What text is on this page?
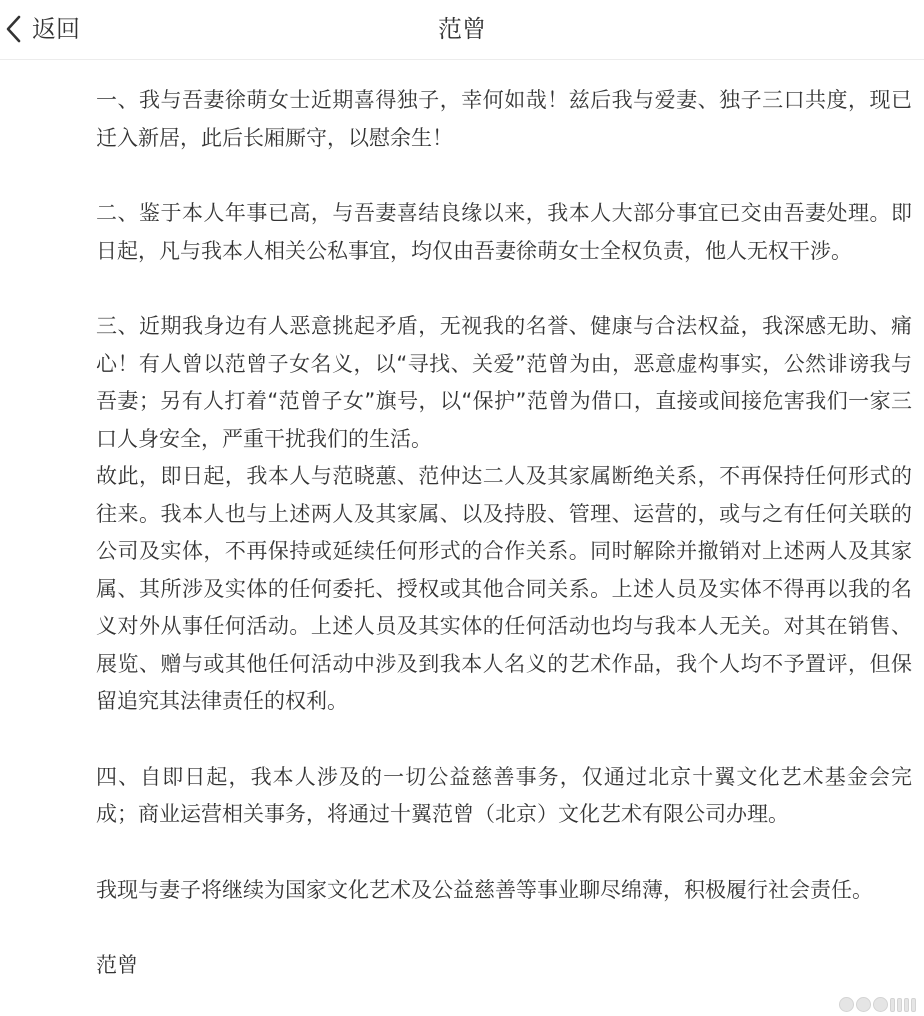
返回	范曾

一、我与吾妻徐萌女士近期喜得独子，幸何如哉！兹后我与爱妻、独子三口共度，现已迁入新居，此后长厢厮守，以慰余生！

二、鉴于本人年事已高，与吾妻喜结良缘以来，我本人大部分事宜已交由吾妻处理。即日起，凡与我本人相关公私事宜，均仅由吾妻徐萌女士全权负责，他人无权干涉。

三、近期我身边有人恶意挑起矛盾，无视我的名誉、健康与合法权益，我深感无助、痛心！有人曾以范曾子女名义，以“寻找、关爱”范曾为由，恶意虚构事实，公然诽谤我与吾妻；另有人打着“范曾子女”旗号，以“保护”范曾为借口，直接或间接危害我们一家三口人身安全，严重干扰我们的生活。

故此，即日起，我本人与范晓蕙、范仲达二人及其家属断绝关系，不再保持任何形式的往来。我本人也与上述两人及其家属、以及持股、管理、运营的，或与之有任何关联的公司及实体，不再保持或延续任何形式的合作关系。同时解除并撤销对上述两人及其家属、其所涉及实体的任何委托、授权或其他合同关系。上述人员及实体不得再以我的名义对外从事任何活动。上述人员及其实体的任何活动也均与我本人无关。对其在销售、展览、赠与或其他任何活动中涉及到我本人名义的艺术作品，我个人均不予置评，但保留追究其法律责任的权利。

四、自即日起，我本人涉及的一切公益慈善事务，仅通过北京十翼文化艺术基金会完成；商业运营相关事务，将通过十翼范曾（北京）文化艺术有限公司办理。

我现与妻子将继续为国家文化艺术及公益慈善等事业聊尽绵薄，积极履行社会责任。

范曾
